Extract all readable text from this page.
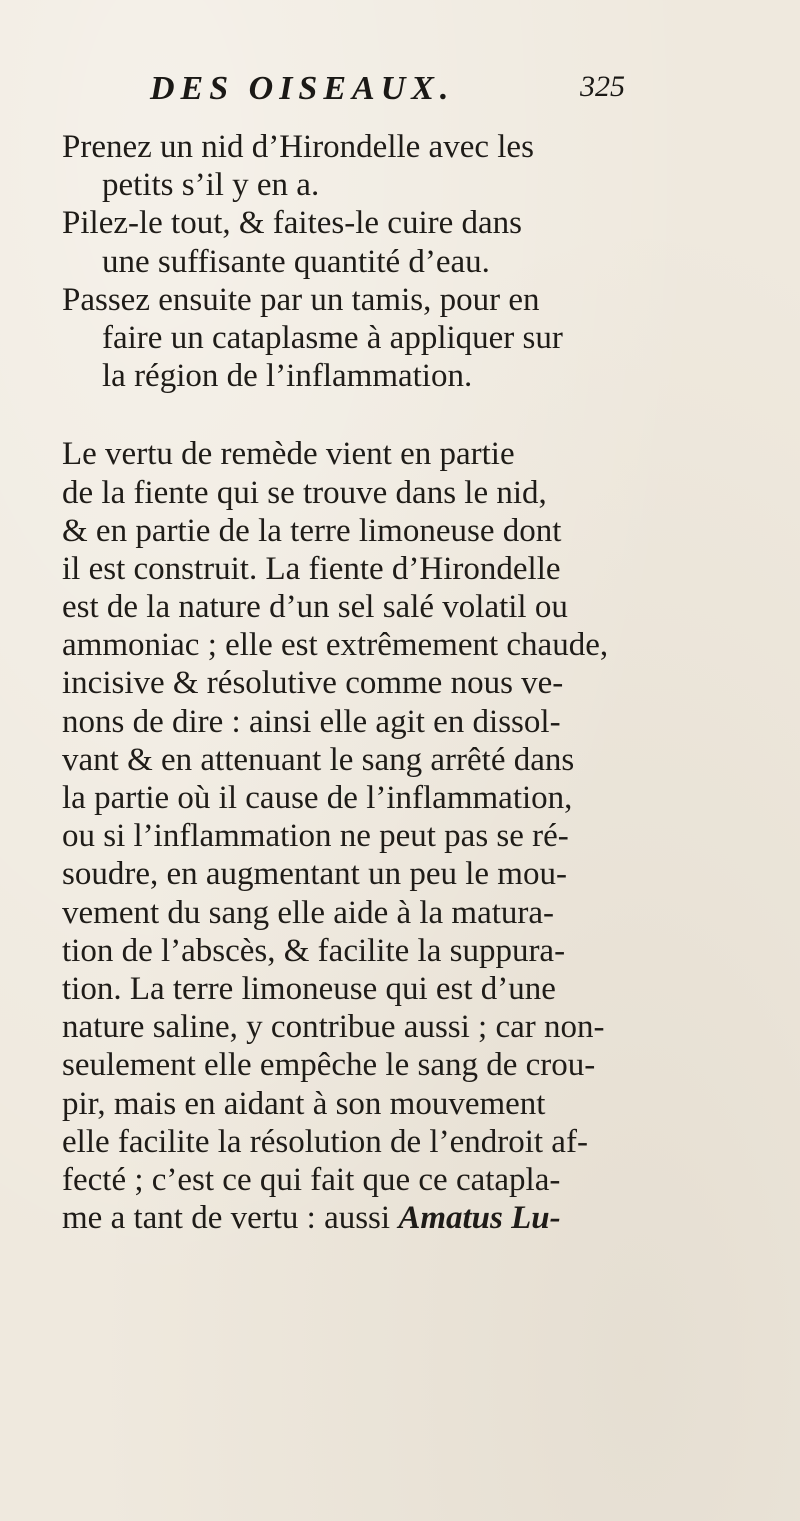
DES OISEAUX.	325
Prenez un nid d’Hirondelle avec les
petits s’il y en a.
Pilez-le tout, & faites-le cuire dans
une suffisante quantité d’eau.
Passez ensuite par un tamis, pour en
faire un cataplasme à appliquer sur
la région de l’inflammation.
Le vertu de remède vient en partie
de la fiente qui se trouve dans le nid,
& en partie de la terre limoneuse dont
il est construit. La fiente d’Hirondelle
est de la nature d’un sel salé volatil ou
ammoniac ; elle est extrêmement chaude,
incisive & résolutive comme nous ve-
nons de dire : ainsi elle agit en dissol-
vant & en attenuant le sang arrêté dans
la partie où il cause de l’inflammation,
ou si l’inflammation ne peut pas se ré-
soudre, en augmentant un peu le mou-
vement du sang elle aide à la matura-
tion de l’abscès, & facilite la suppura-
tion. La terre limoneuse qui est d’une
nature saline, y contribue aussi ; car non-
seulement elle empêche le sang de crou-
pir, mais en aidant à son mouvement
elle facilite la résolution de l’endroit af-
fecté ; c’est ce qui fait que ce catapla-
me a tant de vertu : aussi Amatus Lu-
